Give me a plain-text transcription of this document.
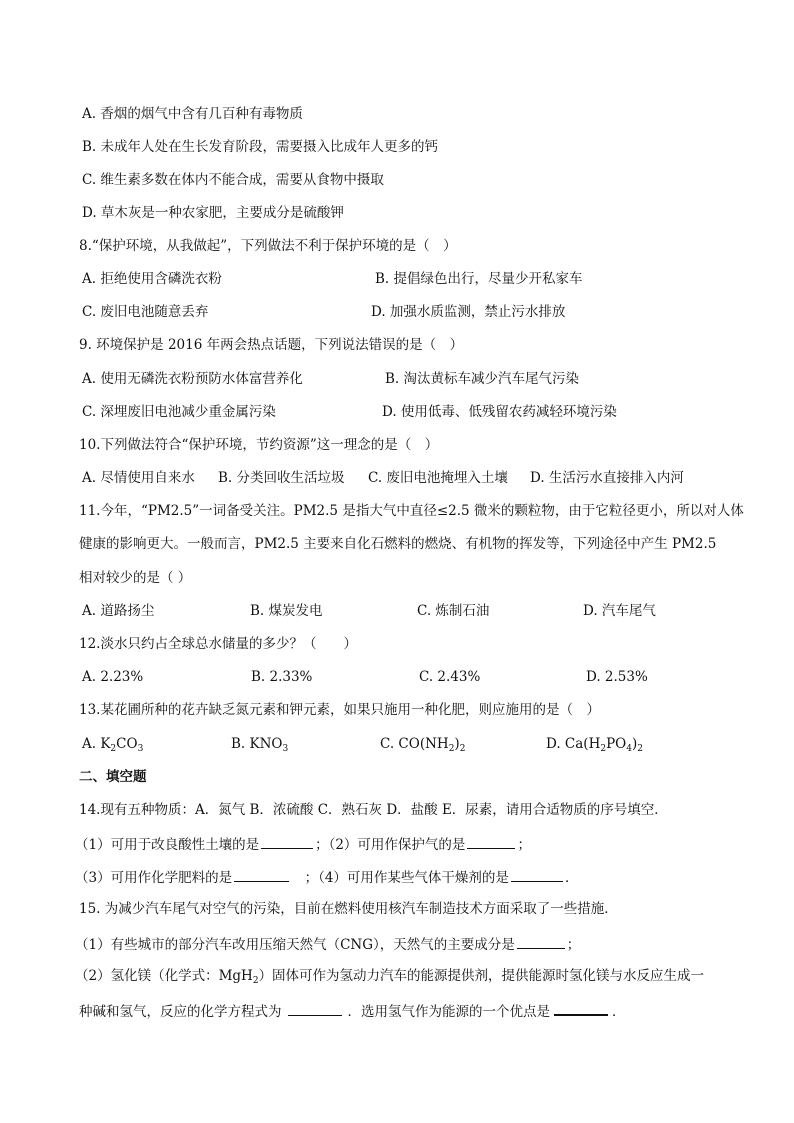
A. 香烟的烟气中含有几百种有毒物质
B. 未成年人处在生长发育阶段，需要摄入比成年人更多的钙
C. 维生素多数在体内不能合成，需要从食物中摄取
D. 草木灰是一种农家肥，主要成分是硫酸钾
8.“保护环境，从我做起”，下列做法不利于保护环境的是（　）
A. 拒绝使用含磷洗衣粉	B. 提倡绿色出行，尽量少开私家车
C. 废旧电池随意丢弃	D. 加强水质监测，禁止污水排放
9. 环境保护是 2016 年两会热点话题，下列说法错误的是（　）
A. 使用无磷洗衣粉预防水体富营养化	B. 淘汰黄标车减少汽车尾气污染
C. 深埋废旧电池减少重金属污染	D. 使用低毒、低残留农药减轻环境污染
10.下列做法符合“保护环境，节约资源”这一理念的是（　）
A. 尽情使用自来水 B. 分类回收生活垃圾 C. 废旧电池掩埋入土壤 D. 生活污水直接排入内河
11.今年，“PM2.5”一词备受关注。PM2.5 是指大气中直径≤2.5 微米的颗粒物，由于它粒径更小，所以对人体
健康的影响更大。一般而言，PM2.5 主要来自化石燃料的燃烧、有机物的挥发等，下列途径中产生 PM2.5
相对较少的是（ ）
A. 道路扬尘	B. 煤炭发电	C. 炼制石油	D. 汽车尾气
12.淡水只约占全球总水储量的多少？（　　）
A. 2.23%	B. 2.33%	C. 2.43%	D. 2.53%
13.某花圃所种的花卉缺乏氮元素和钾元素，如果只施用一种化肥，则应施用的是（　）
A. $K_2CO_3$	B. $KNO_3$	C. $CO(NH_2)_2$	D. $Ca(H_2PO_4)_2$
二、填空题
14.现有五种物质：A．氮气 B．浓硫酸 C．熟石灰 D．盐酸 E．尿素，请用合适物质的序号填空．
（1）可用于改良酸性土壤的是	；（2）可用作保护气的是	；
（3）可用作化学肥料的是	　；（4）可用作某些气体干燥剂的是	．
15. 为减少汽车尾气对空气的污染，目前在燃料使用核汽车制造技术方面采取了一些措施．
（1）有些城市的部分汽车改用压缩天然气（CNG），天然气的主要成分是	；
（2）氢化镁（化学式：MgH$_2$）固体可作为氢动力汽车的能源提供剂，提供能源时氢化镁与水反应生成一
种碱和氢气，反应的化学方程式为	．选用氢气作为能源的一个优点是	．
